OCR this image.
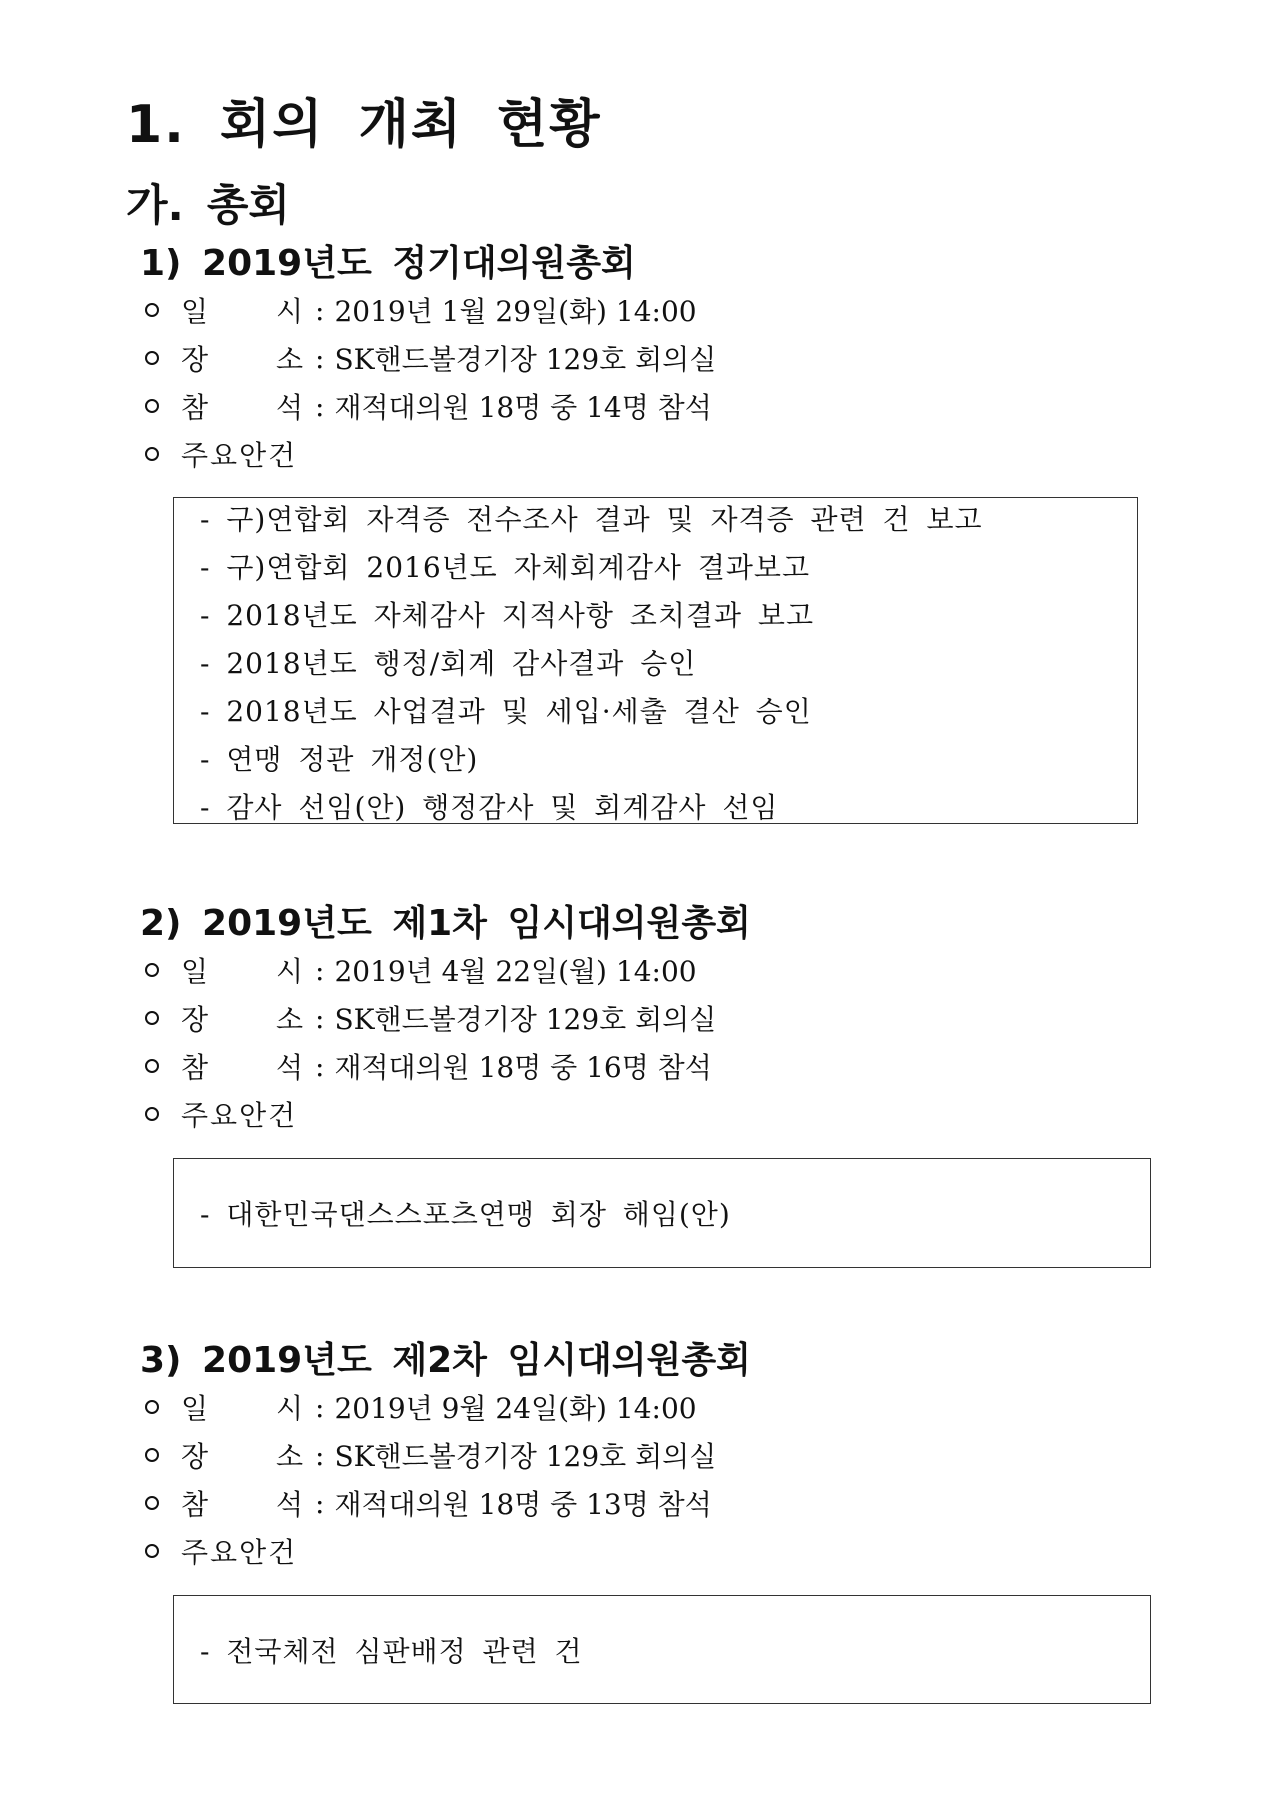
1. 회의 개최 현황
가. 총회
1) 2019년도 정기대의원총회
일 시 : 2019년 1월 29일(화) 14:00
장 소 : SK핸드볼경기장 129호 회의실
참 석 : 재적대의원 18명 중 14명 참석
주요안건
- 구)연합회 자격증 전수조사 결과 및 자격증 관련 건 보고
- 구)연합회 2016년도 자체회계감사 결과보고
- 2018년도 자체감사 지적사항 조치결과 보고
- 2018년도 행정/회계 감사결과 승인
- 2018년도 사업결과 및 세입·세출 결산 승인
- 연맹 정관 개정(안)
- 감사 선임(안) 행정감사 및 회계감사 선임
2) 2019년도 제1차 임시대의원총회
일 시 : 2019년 4월 22일(월) 14:00
장 소 : SK핸드볼경기장 129호 회의실
참 석 : 재적대의원 18명 중 16명 참석
주요안건
- 대한민국댄스스포츠연맹 회장 해임(안)
3) 2019년도 제2차 임시대의원총회
일 시 : 2019년 9월 24일(화) 14:00
장 소 : SK핸드볼경기장 129호 회의실
참 석 : 재적대의원 18명 중 13명 참석
주요안건
- 전국체전 심판배정 관련 건
